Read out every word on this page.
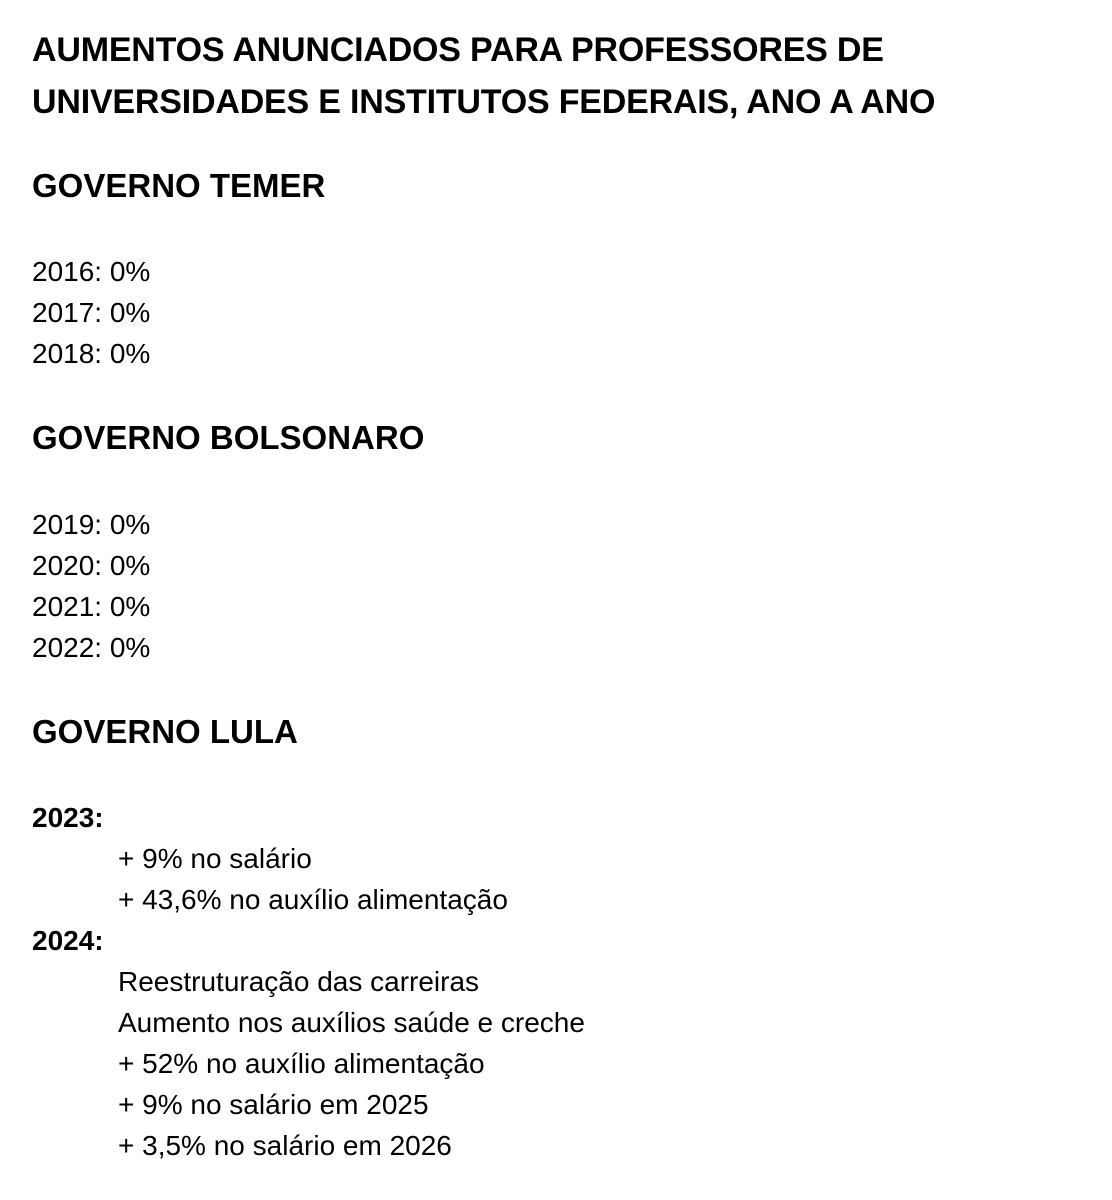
AUMENTOS ANUNCIADOS PARA PROFESSORES DE

UNIVERSIDADES E INSTITUTOS FEDERAIS, ANO A ANO

GOVERNO TEMER
2016: 0%
2017: 0%
2018: 0%
GOVERNO BOLSONARO
2019: 0%
2020: 0%
2021: 0%
2022: 0%
GOVERNO LULA

2023:

+ 9% no salário
+ 43,6% no auxílio alimentação

2024:

Reestruturação das carreiras
Aumento nos auxílios saúde e creche
+ 52% no auxílio alimentação
+ 9% no salário em 2025
+ 3,5% no salário em 2026
